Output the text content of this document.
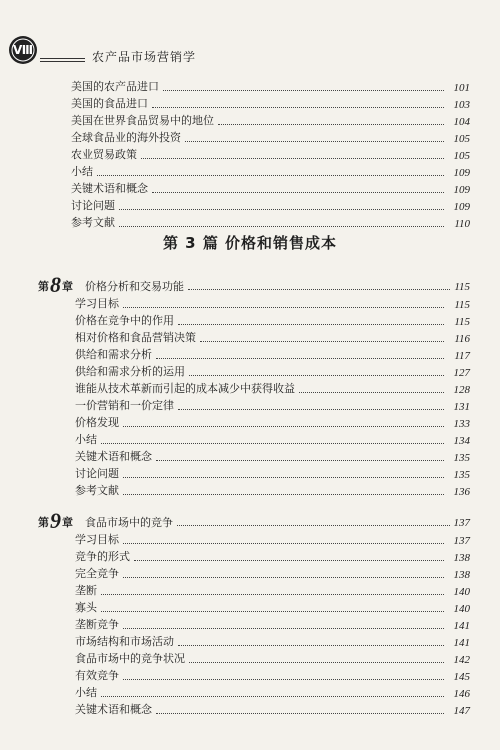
Ⅷ	农产品市场营销学
美国的农产品进口	101
美国的食品进口	103
美国在世界食品贸易中的地位	104
全球食品业的海外投资	105
农业贸易政策	105
小结	109
关键术语和概念	109
讨论问题	109
参考文献	110
第 3 篇 价格和销售成本
第 8 章 价格分析和交易功能	115
学习目标	115
价格在竞争中的作用	115
相对价格和食品营销决策	116
供给和需求分析	117
供给和需求分析的运用	127
谁能从技术革新而引起的成本减少中获得收益	128
一价营销和一价定律	131
价格发现	133
小结	134
关键术语和概念	135
讨论问题	135
参考文献	136
第 9 章 食品市场中的竞争	137
学习目标	137
竞争的形式	138
完全竞争	138
垄断	140
寡头	140
垄断竞争	141
市场结构和市场活动	141
食品市场中的竞争状况	142
有效竞争	145
小结	146
关键术语和概念	147
